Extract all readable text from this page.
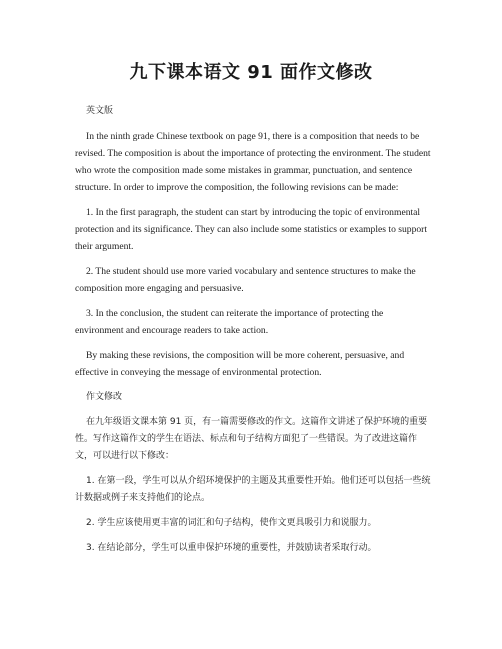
九下课本语文 91 面作文修改

英文版

In the ninth grade Chinese textbook on page 91, there is a composition that needs to be revised. The composition is about the importance of protecting the environment. The student who wrote the composition made some mistakes in grammar, punctuation, and sentence structure. In order to improve the composition, the following revisions can be made:

1. In the first paragraph, the student can start by introducing the topic of environmental protection and its significance. They can also include some statistics or examples to support their argument.

2. The student should use more varied vocabulary and sentence structures to make the composition more engaging and persuasive.

3. In the conclusion, the student can reiterate the importance of protecting the environment and encourage readers to take action.

By making these revisions, the composition will be more coherent, persuasive, and effective in conveying the message of environmental protection.

作文修改

在九年级语文课本第 91 页，有一篇需要修改的作文。这篇作文讲述了保护环境的重要性。写作这篇作文的学生在语法、标点和句子结构方面犯了一些错误。为了改进这篇作文，可以进行以下修改：

1. 在第一段，学生可以从介绍环境保护的主题及其重要性开始。他们还可以包括一些统计数据或例子来支持他们的论点。

2. 学生应该使用更丰富的词汇和句子结构，使作文更具吸引力和说服力。

3. 在结论部分，学生可以重申保护环境的重要性，并鼓励读者采取行动。
